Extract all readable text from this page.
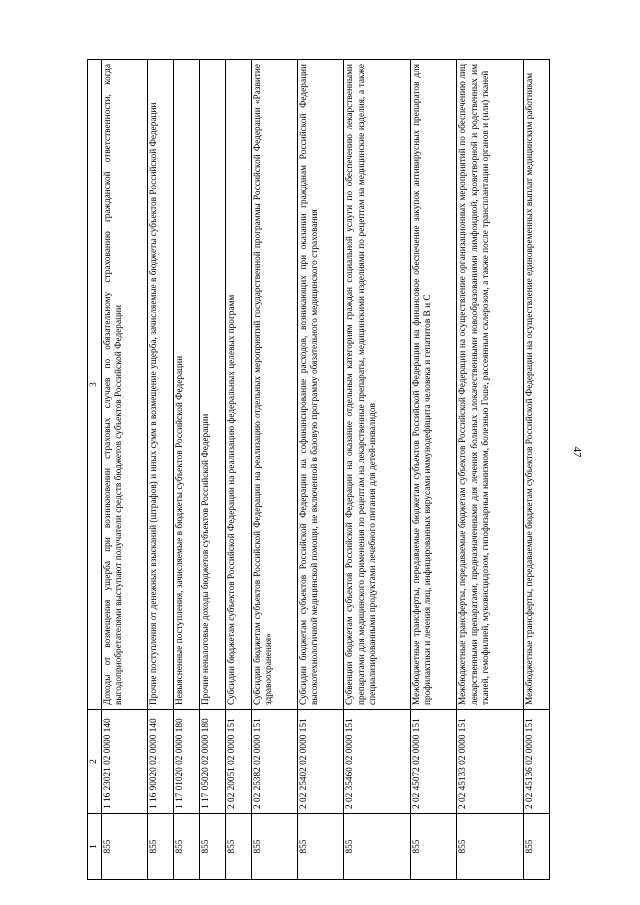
47
1	2	3
855	1 16 23021 02 0000 140	Доходы от возмещения ущерба при возникновении страховых случаев по обязательному страхованию гражданской ответственности, когда выгодоприобретателями выступают получатели средств бюджетов субъектов Российской Федерации
855	1 16 90020 02 0000 140	Прочие поступления от денежных взысканий (штрафов) и иных сумм в возмещение ущерба, зачисляемые в бюджеты субъектов Российской Федерации
855	1 17 01020 02 0000 180	Невыясненные поступления, зачисляемые в бюджеты субъектов Российской Федерации
855	1 17 05020 02 0000 180	Прочие неналоговые доходы бюджетов субъектов Российской Федерации
855	2 02 20051 02 0000 151	Субсидии бюджетам субъектов Российской Федерации на реализацию федеральных целевых программ
855	2 02 25382 02 0000 151	Субсидии бюджетам субъектов Российской Федерации на реализацию отдельных мероприятий государственной программы Российской Федерации «Развитие здравоохранения»
855	2 02 25402 02 0000 151	Субсидии бюджетам субъектов Российской Федерации на софинансирование расходов, возникающих при оказании гражданам Российской Федерации высокотехнологичной медицинской помощи, не включенной в базовую программу обязательного медицинского страхования
855	2 02 35460 02 0000 151	Субвенции бюджетам субъектов Российской Федерации на оказание отдельным категориям граждан социальной услуги по обеспечению лекарственными препаратами для медицинского применения по рецептам на лекарственные препараты, медицинскими изделиями по рецептам на медицинские изделия, а также специализированными продуктами лечебного питания для детей-инвалидов
855	2 02 45072 02 0000 151	Межбюджетные трансферты, передаваемые бюджетам субъектов Российской Федерации на финансовое обеспечение закупок антивирусных препаратов для профилактики и лечения лиц, инфицированных вирусами иммунодефицита человека и гепатитов В и С
855	2 02 45133 02 0000 151	Межбюджетные трансферты, передаваемые бюджетам субъектов Российской Федерации на осуществление организационных мероприятий по обеспечению лиц лекарственными препаратами, предназначенными для лечения больных злокачественными новообразованиями лимфоидной, кроветворной и родственных им тканей, гемофилией, муковисцидозом, гипофизарным нанизмом, болезнью Гоше, рассеянным склерозом, а также после трансплантации органов и (или) тканей
855	2 02 45136 02 0000 151	Межбюджетные трансферты, передаваемые бюджетам субъектов Российской Федерации на осуществление единовременных выплат медицинским работникам
